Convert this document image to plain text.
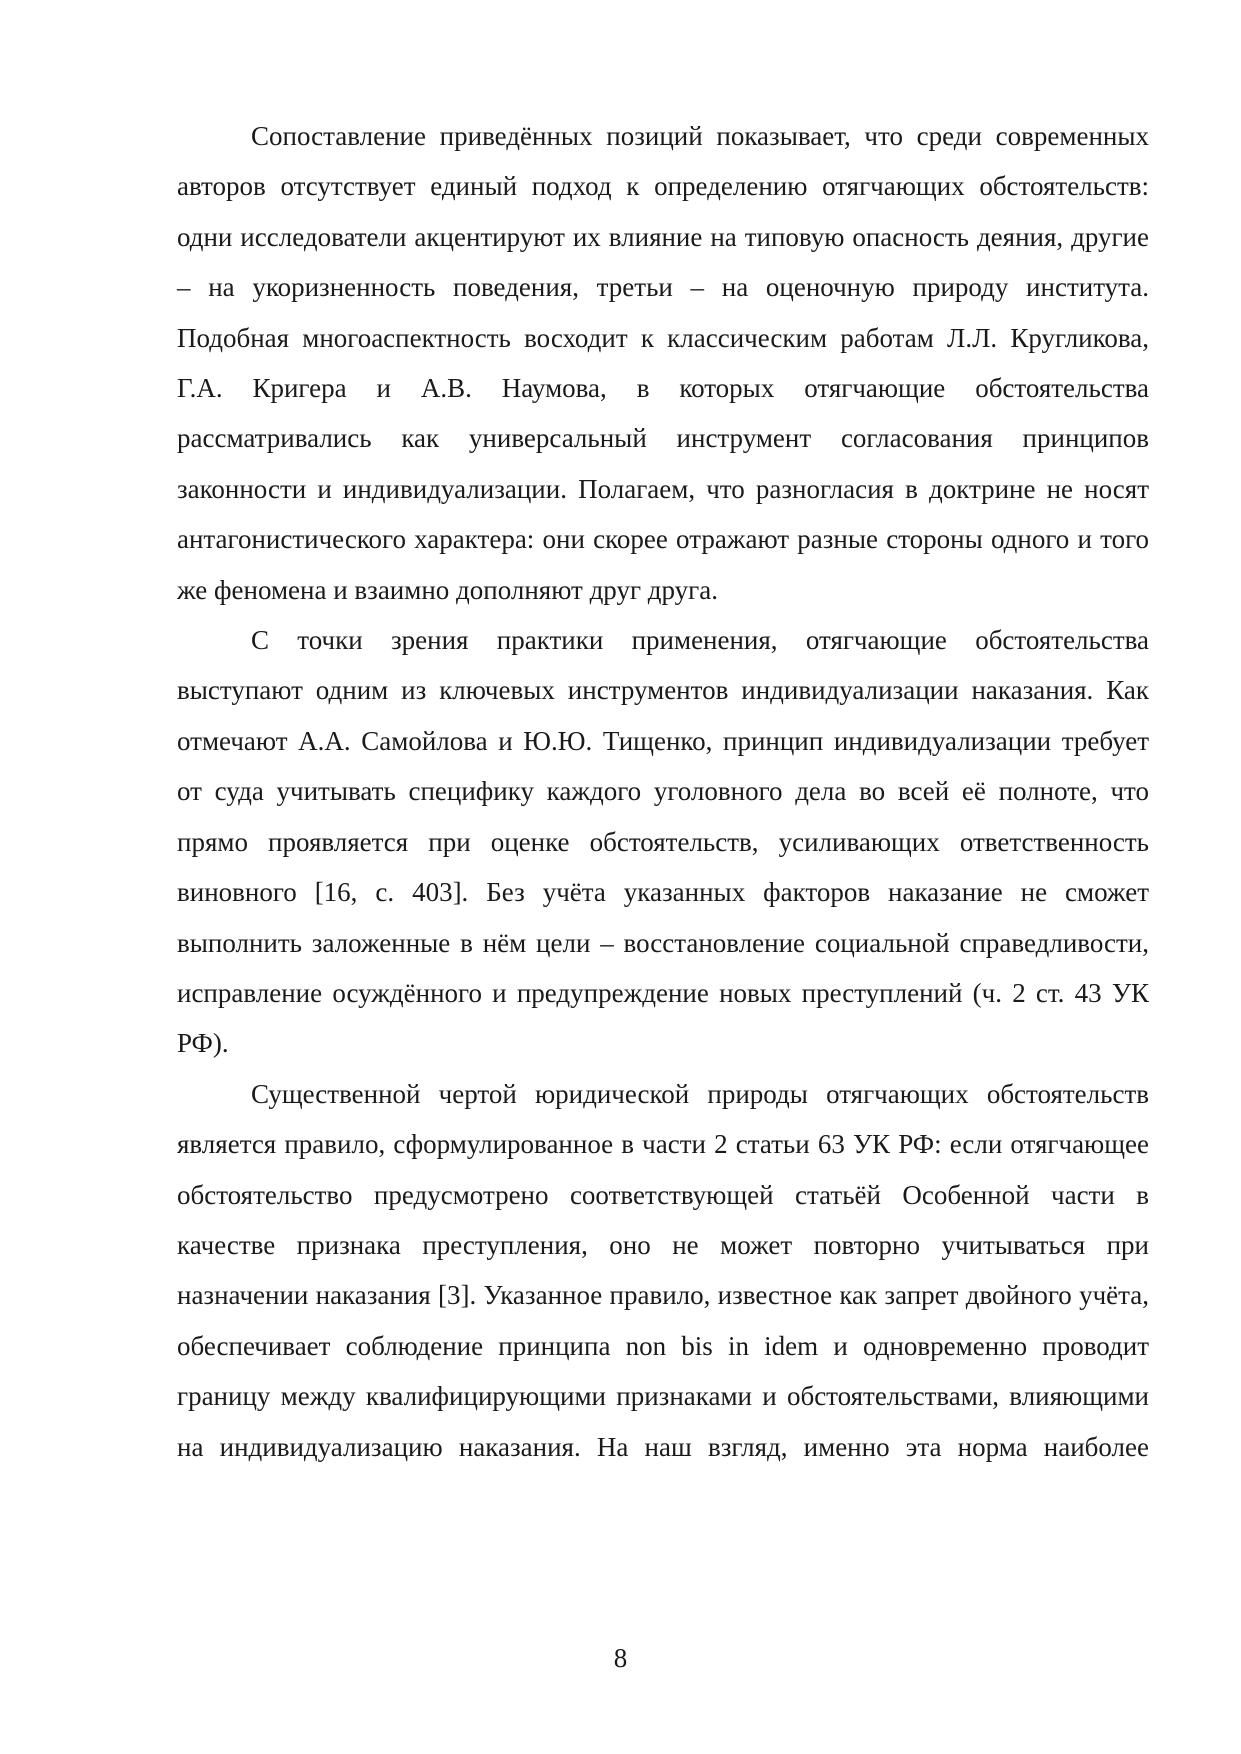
Сопоставление приведённых позиций показывает, что среди современных авторов отсутствует единый подход к определению отягчающих обстоятельств: одни исследователи акцентируют их влияние на типовую опасность деяния, другие – на укоризненность поведения, третьи – на оценочную природу института. Подобная многоаспектность восходит к классическим работам Л.Л. Кругликова, Г.А. Кригера и А.В. Наумова, в которых отягчающие обстоятельства рассматривались как универсальный инструмент согласования принципов законности и индивидуализации. Полагаем, что разногласия в доктрине не носят антагонистического характера: они скорее отражают разные стороны одного и того же феномена и взаимно дополняют друг друга.

С точки зрения практики применения, отягчающие обстоятельства выступают одним из ключевых инструментов индивидуализации наказания. Как отмечают А.А. Самойлова и Ю.Ю. Тищенко, принцип индивидуализации требует от суда учитывать специфику каждого уголовного дела во всей её полноте, что прямо проявляется при оценке обстоятельств, усиливающих ответственность виновного [16, с. 403]. Без учёта указанных факторов наказание не сможет выполнить заложенные в нём цели – восстановление социальной справедливости, исправление осуждённого и предупреждение новых преступлений (ч. 2 ст. 43 УК РФ).

Существенной чертой юридической природы отягчающих обстоятельств является правило, сформулированное в части 2 статьи 63 УК РФ: если отягчающее обстоятельство предусмотрено соответствующей статьёй Особенной части в качестве признака преступления, оно не может повторно учитываться при назначении наказания [3]. Указанное правило, известное как запрет двойного учёта, обеспечивает соблюдение принципа non bis in idem и одновременно проводит границу между квалифицирующими признаками и обстоятельствами, влияющими на индивидуализацию наказания. На наш взгляд, именно эта норма наиболее

8
